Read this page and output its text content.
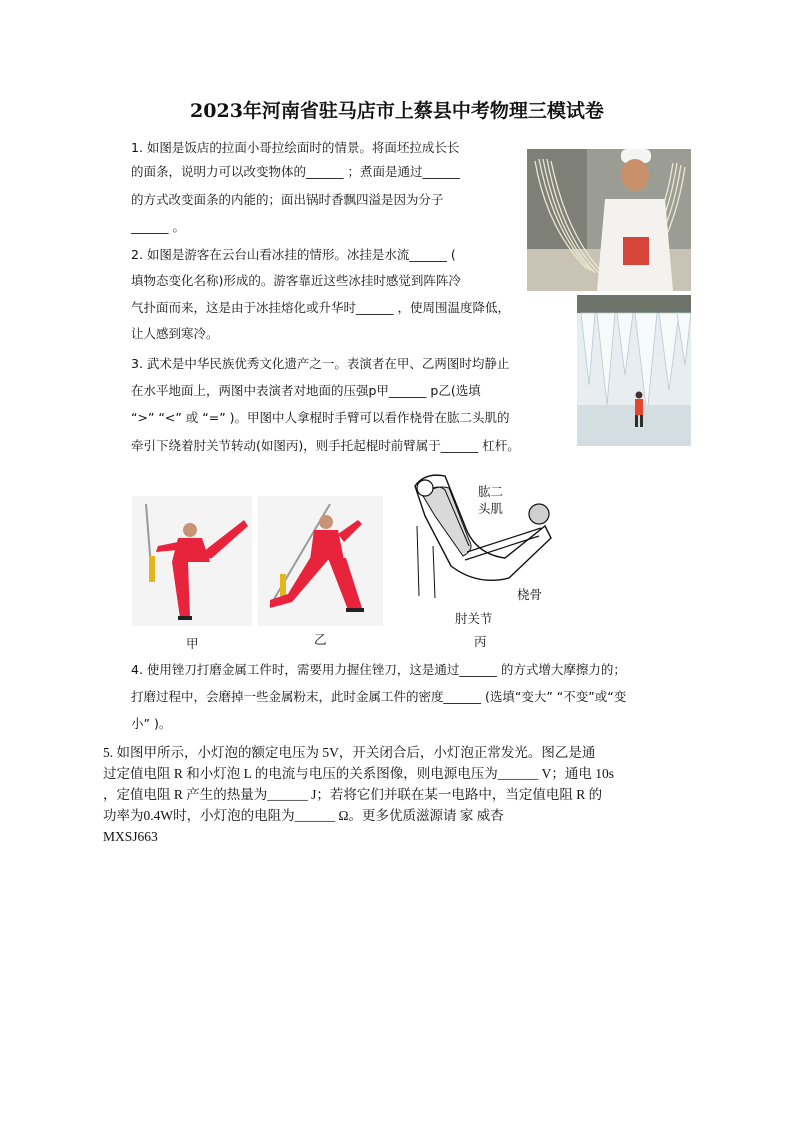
2023年河南省驻马店市上蔡县中考物理三模试卷
1. 如图是饭店的拉面小哥拉绘面时的情景。将面坯拉成长长
的面条，说明力可以改变物体的______ ；煮面是通过______
的方式改变面条的内能的；面出锅时香飘四溢是因为分子
______ 。
2. 如图是游客在云台山看冰挂的情形。冰挂是水流______ (
填物态变化名称)形成的。游客靠近这些冰挂时感觉到阵阵冷
气扑面而来，这是由于冰挂熔化或升华时______ ，使周围温度降低，
让人感到寒冷。
3. 武术是中华民族优秀文化遗产之一。表演者在甲、乙两图时均静止
在水平地面上，两图中表演者对地面的压强p甲______ p乙(选填
“>” “<” 或 “=” )。甲图中人拿棍时手臂可以看作桡骨在肱二头肌的
牵引下绕着肘关节转动(如图丙)，则手托起棍时前臂属于______ 杠杆。
甲	乙
肱二
头肌
桡骨
肘关节
丙
4. 使用锉刀打磨金属工件时，需要用力握住锉刀，这是通过______ 的方式增大摩擦力的；
打磨过程中，会磨掉一些金属粉末，此时金属工件的密度______ (选填“变大” “不变”或“变
小” )。
5. 如图甲所示，小灯泡的额定电压为 5V，开关闭合后，小灯泡正常发光。图乙是通
过定值电阻 R 和小灯泡 L 的电流与电压的关系图像，则电源电压为______ V；通电 10s
，定值电阻 R 产生的热量为______ J；若将它们并联在某一电路中，当定值电阻 R 的
功率为0.4W时，小灯泡的电阻为______ Ω。更多优质滋源请 家 威杏
MXSJ663
